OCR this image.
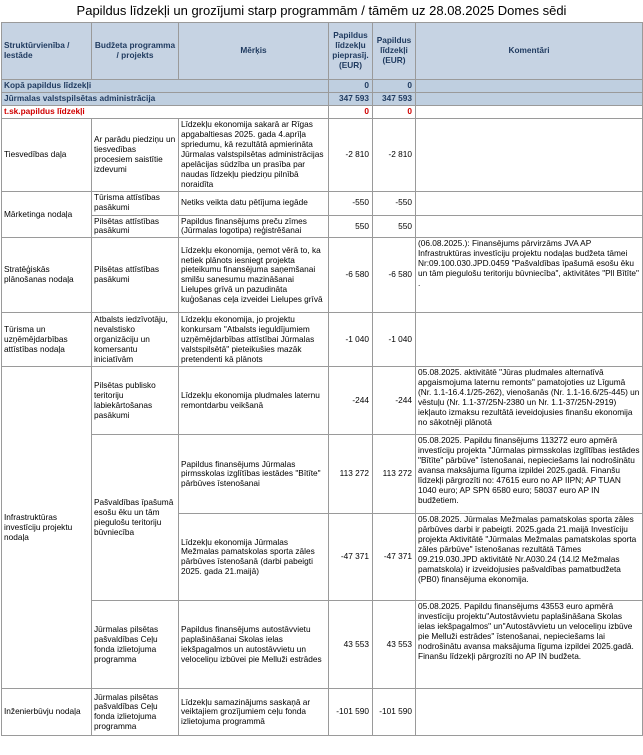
Papildus līdzekļi un grozījumi starp programmām / tāmēm uz 28.08.2025 Domes sēdi
Struktūrvienība / Iestāde	Budžeta programma / projekts	Mērķis	Papildus līdzekļu pieprasīj. (EUR)	Papildus līdzekļi (EUR)	Komentāri
Kopā papildus līdzekļi			0	0	
Jūrmalas valstspilsētas administrācija			347 593	347 593	
t.sk.papildus līdzekļi			0	0	
Tiesvedības daļa	Ar parādu piedziņu un tiesvedības procesiem saistītie izdevumi	Līdzekļu ekonomija sakarā ar Rīgas apgabaltiesas 2025. gada 4.aprīļa spriedumu, kā rezultātā apmierināta Jūrmalas valstspilsētas administrācijas apelācijas sūdzība un prasība par naudas līdzekļu piedziņu pilnībā noraidīta	-2 810	-2 810	
Mārketinga nodaļa	Tūrisma attīstības pasākumi	Netiks veikta datu pētījuma iegāde	-550	-550	
	Pilsētas attīstības pasākumi	Papildus finansējums preču zīmes (Jūrmalas logotipa) reģistrēšanai	550	550	
Stratēģiskās plānošanas nodaļa	Pilsētas attīstības pasākumi	Līdzekļu ekonomija, ņemot vērā to, ka netiek plānots iesniegt projekta pieteikumu finansējuma saņemšanai smilšu sanesumu mazināšanai Lielupes grīvā un pazudināta kuģošanas ceļa izveidei Lielupes grīvā	-6 580	-6 580	(06.08.2025.): Finansējums pārvirzāms JVA AP Infrastruktūras investīciju projektu nodaļas budžeta tāmei Nr:09.100.030.JPD.0459 "Pašvaldības īpašumā esošu ēku un tām piegulošu teritoriju būvniecība", aktivitātes "Pll Bītīte" .
Tūrisma un uzņēmējdarbības attīstības nodaļa	Atbalsts iedzīvotāju, nevalstisko organizāciju un komersantu iniciatīvām	Līdzekļu ekonomija, jo projektu konkursam "Atbalsts ieguldījumiem uzņēmējdarbības attīstībai Jūrmalas valstspilsētā" pieteikušies mazāk pretendenti kā plānots	-1 040	-1 040	
Infrastruktūras investīciju projektu nodaļa	Pilsētas publisko teritoriju labiekārtošanas pasākumi	Līdzekļu ekonomija pludmales laternu remontdarbu veikšanā	-244	-244	05.08.2025. aktivitātē "Jūras pludmales alternatīvā apgaismojuma laternu remonts" pamatojoties uz Līgumā (Nr. 1.1-16.4.1/25-262), vienošanās (Nr. 1.1-16.6/25-445) un vēstuļu (Nr. 1.1-37/25N-2380 un Nr. 1.1-37/25N-2919) iekļauto izmaksu rezultātā ieveidojusies finanšu ekonomija no sākotnēji plānotā
	Pašvaldības īpašumā esošu ēku un tām piegulošu teritoriju būvniecība	Papildus finansējums Jūrmalas pirmsskolas izglītības iestādes "Bītīte" pārbūves īstenošanai	113 272	113 272	05.08.2025. Papildu finansējums 113272 euro apmērā investīciju projekta "Jūrmalas pirmsskolas izglītības iestādes "Bītīte" pārbūve" īstenošanai, nepieciešams lai nodrošinātu avansa maksājuma līguma izpildei 2025.gadā. Finanšu līdzekļi pārgrozīti no: 47615 euro no AP IIPN; AP TUAN 1040 euro; AP SPN 6580 euro; 58037 euro AP IN budžetiem.
		Līdzekļu ekonomija Jūrmalas Mežmalas pamatskolas sporta zāles pārbūves īstenošanā (darbi pabeigti 2025. gada 21.maijā)	-47 371	-47 371	05.08.2025. Jūrmalas Mežmalas pamatskolas sporta zāles pārbūves darbi ir pabeigti. 2025.gada 21.maijā Investīciju projekta Aktivitātē "Jūrmalas Mežmalas pamatskolas sporta zāles pārbūve" īstenošanas rezultātā Tāmes 09.219.030.JPD aktivitātē Nr.A030.24 (14.l2 Mežmalas pamatskola) ir izveidojusies pašvaldības pamatbudžeta (PB0) finansējuma ekonomija.
	Jūrmalas pilsētas pašvaldības Ceļu fonda izlietojuma programma	Papildus finansējums autostāvvietu paplašināšanai Skolas ielas iekšpagalmos un autostāvvietu un veloceliņu izbūvei pie Melluži estrādes	43 553	43 553	05.08.2025. Papildu finansējums 43553 euro apmērā investīciju projektu"Autostāvvietu paplašināšana Skolas ielas iekšpagalmos" un"Autostāvvietu un veloceliņu izbūve pie Melluži estrādes" īstenošanai, nepieciešams lai nodrošinātu avansa maksājuma līguma izpildei 2025.gadā. Finanšu līdzekļi pārgrozīti no AP IN budžeta.
Inženierbūvju nodaļa	Jūrmalas pilsētas pašvaldības Ceļu fonda izlietojuma programma	Līdzekļu samazinājums saskaņā ar veiktajiem grozījumiem ceļu fonda izlietojuma programmā	-101 590	-101 590	
